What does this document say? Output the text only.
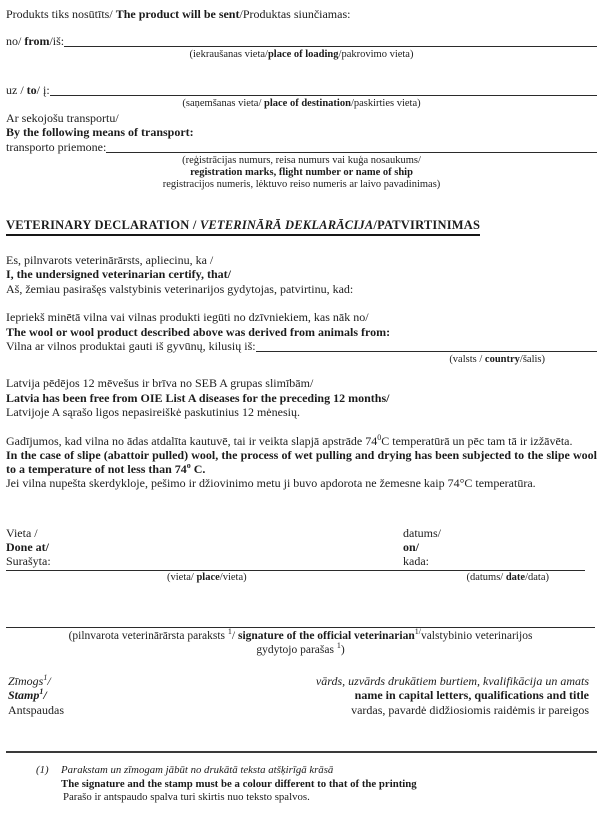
Produkts tiks nosūtīts/ The product will be sent/Produktas siunčiamas:

no/ from/iš:
(iekraušanas vieta/place of loading/pakrovimo vieta)
uz / to/ į:
(saņemšanas vieta/ place of destination/paskirties vieta)

Ar sekojošu transportu/

By the following means of transport:

transporto priemone:
(reģistrācijas numurs, reisa numurs vai kuģa nosaukums/
registration marks, flight number or name of ship
registracijos numeris, lėktuvo reiso numeris ar laivo pavadinimas)
VETERINARY DECLARATION / VETERINĀRĀ DEKLARĀCIJA/PATVIRTINIMAS

Es, pilnvarots veterinārārsts, apliecinu, ka /

I, the undersigned veterinarian certify, that/

Aš, žemiau pasirašęs valstybinis veterinarijos gydytojas, patvirtinu, kad:

Iepriekš minētā vilna vai vilnas produkti iegūti no dzīvniekiem, kas nāk no/

The wool or wool product described above was derived from animals from:

Vilna ar vilnos produktai gauti iš gyvūnų, kilusių iš:
(valsts / country/šalis)

Latvija pēdējos 12 mēvešus ir brīva no SEB A grupas slimībām/

Latvia has been free from OIE List A diseases for the preceding 12 months/

Latvijoje A sąrašo ligos nepasireiškė paskutinius 12 mėnesių.

Gadījumos, kad vilna no ādas atdalīta kautuvē, tai ir veikta slapjā apstrāde $74^0C$ temperatūrā un pēc tam tā ir izžāvēta.

In the case of slipe (abattoir pulled) wool, the process of wet pulling and drying has been subjected to the slipe wool to a temperature of not less than 74$^o$ C.

Jei vilna nupešta skerdykloje, pešimo ir džiovinimo metu ji buvo apdorota ne žemesne kaip 74°C temperatūra.

Vieta /
Done at/
Surašyta:
datums/
on/
kada:
(vieta/ place/vieta)	(datums/ date/data)
(pilnvarota veterinārārsta paraksts $^1$/ signature of the official veterinarian$^{1/}$valstybinio veterinarijos
gydytojo parašas $^1$)
Zīmogs$^1$/
Stamp$^1$/
Antspaudas
vārds, uzvārds drukātiem burtiem, kvalifikācija un amats
name in capital letters, qualifications and title
vardas, pavardė didžiosiomis raidėmis ir pareigos
(1)	Parakstam un zīmogam jābūt no drukātā teksta atšķirīgā krāsā
The signature and the stamp must be a colour different to that of the printing
Parašo ir antspaudo spalva turi skirtis nuo teksto spalvos.
